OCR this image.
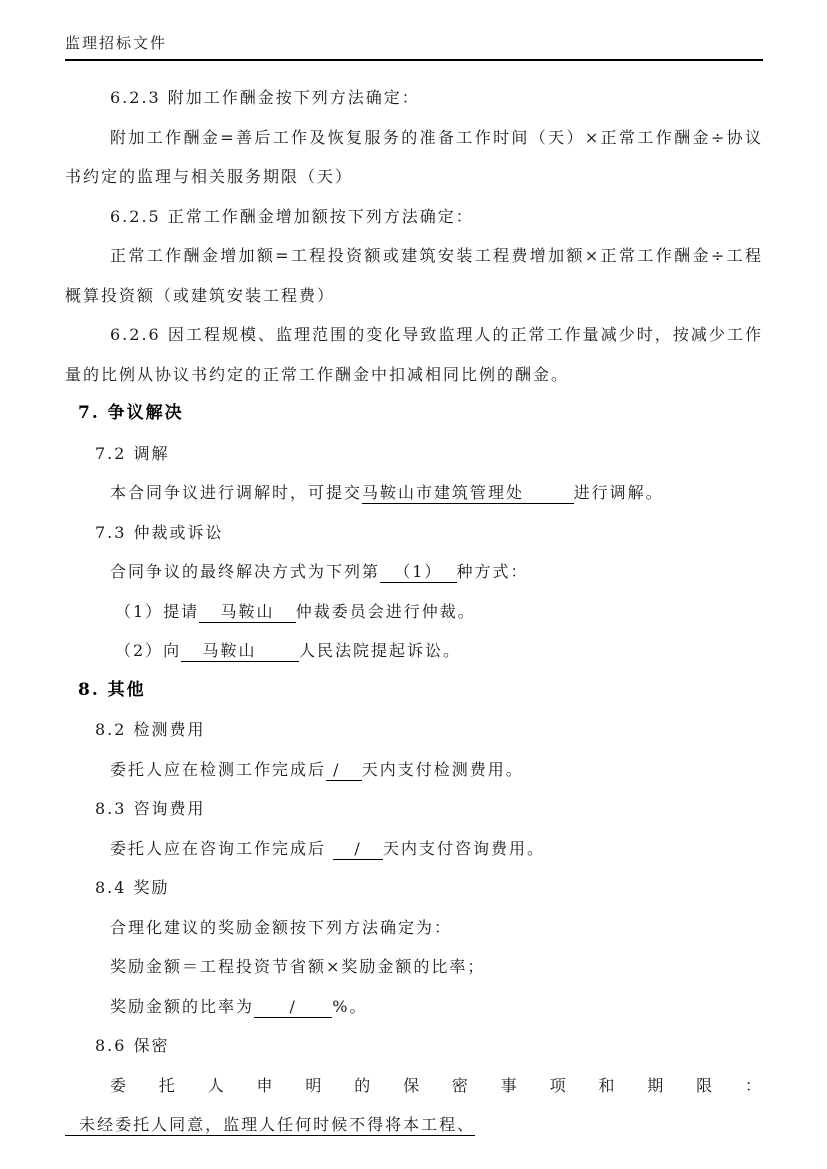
监理招标文件

6.2.3 附加工作酬金按下列方法确定：

附加工作酬金=善后工作及恢复服务的准备工作时间（天）×正常工作酬金÷协议书约定的监理与相关服务期限（天）

6.2.5 正常工作酬金增加额按下列方法确定：

正常工作酬金增加额=工程投资额或建筑安装工程费增加额×正常工作酬金÷工程概算投资额（或建筑安装工程费）

6.2.6 因工程规模、监理范围的变化导致监理人的正常工作量减少时，按减少工作量的比例从协议书约定的正常工作酬金中扣减相同比例的酬金。

7. 争议解决

7.2 调解

本合同争议进行调解时，可提交马鞍山市建筑管理处       进行调解。

7.3 仲裁或诉讼

合同争议的最终解决方式为下列第  （1）  种方式：

（1）提请   马鞍山   仲裁委员会进行仲裁。

（2）向   马鞍山      人民法院提起诉讼。

8. 其他

8.2 检测费用

委托人应在检测工作完成后 /   天内支付检测费用。

8.3 咨询费用

委托人应在咨询工作完成后    /   天内支付咨询费用。

8.4 奖励

合理化建议的奖励金额按下列方法确定为：

奖励金额＝工程投资节省额×奖励金额的比率；

奖励金额的比率为     /     %。

8.6 保密

委托人申明的保密事项和期限：  未经委托人同意，监理人任何时候不得将本工程、
